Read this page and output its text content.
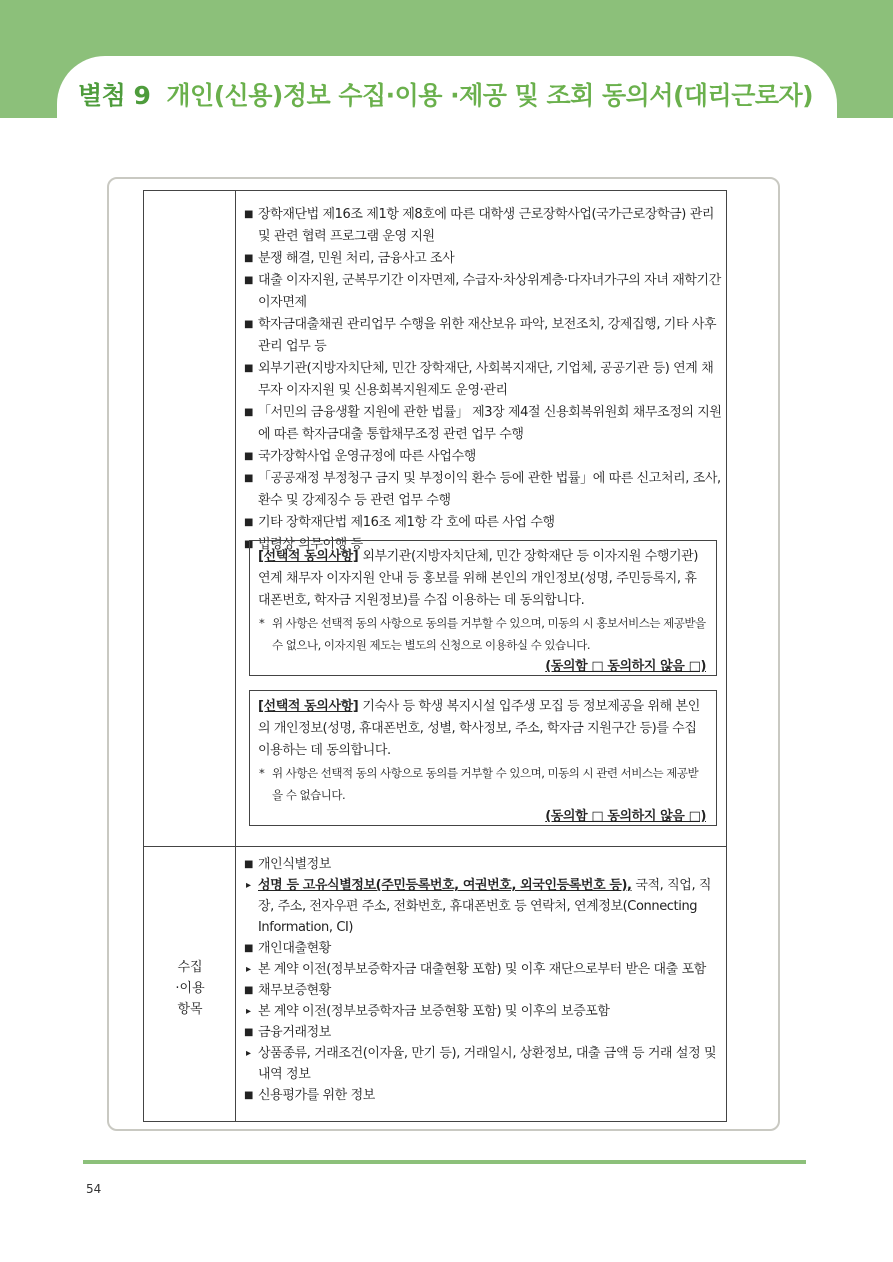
별첨 9 개인(신용)정보 수집·이용 ·제공 및 조회 동의서(대리근로자)
■ 장학재단법 제16조 제1항 제8호에 따른 대학생 근로장학사업(국가근로장학금) 관리 및 관련 협력 프로그램 운영 지원
■ 분쟁 해결, 민원 처리, 금융사고 조사
■ 대출 이자지원, 군복무기간 이자면제, 수급자·차상위계층·다자녀가구의 자녀 재학기간 이자면제
■ 학자금대출채권 관리업무 수행을 위한 재산보유 파악, 보전조치, 강제집행, 기타 사후관리 업무 등
■ 외부기관(지방자치단체, 민간 장학재단, 사회복지재단, 기업체, 공공기관 등) 연계 채무자 이자지원 및 신용회복지원제도 운영·관리
■ 「서민의 금융생활 지원에 관한 법률」 제3장 제4절 신용회복위원회 채무조정의 지원에 따른 학자금대출 통합채무조정 관련 업무 수행
■ 국가장학사업 운영규정에 따른 사업수행
■ 「공공재정 부정청구 금지 및 부정이익 환수 등에 관한 법률」에 따른 신고처리, 조사, 환수 및 강제징수 등 관련 업무 수행
■ 기타 장학재단법 제16조 제1항 각 호에 따른 사업 수행
■ 법령상 의무이행 등
[선택적 동의사항] 외부기관(지방자치단체, 민간 장학재단 등 이자지원 수행기관) 연계 채무자 이자지원 안내 등 홍보를 위해 본인의 개인정보(성명, 주민등록지, 휴대폰번호, 학자금 지원정보)를 수집 이용하는 데 동의합니다.
* 위 사항은 선택적 동의 사항으로 동의를 거부할 수 있으며, 미동의 시 홍보서비스는 제공받을 수 없으나, 이자지원 제도는 별도의 신청으로 이용하실 수 있습니다.
(동의함 □ 동의하지 않음 □)
[선택적 동의사항] 기숙사 등 학생 복지시설 입주생 모집 등 정보제공을 위해 본인의 개인정보(성명, 휴대폰번호, 성별, 학사정보, 주소, 학자금 지원구간 등)를 수집 이용하는 데 동의합니다.
* 위 사항은 선택적 동의 사항으로 동의를 거부할 수 있으며, 미동의 시 관련 서비스는 제공받을 수 없습니다.
(동의함 □ 동의하지 않음 □)
수집
·이용
항목
■ 개인식별정보
▸ 성명 등 고유식별정보(주민등록번호, 여권번호, 외국인등록번호 등), 국적, 직업, 직장, 주소, 전자우편 주소, 전화번호, 휴대폰번호 등 연락처, 연계정보(Connecting Information, CI)
■ 개인대출현황
▸ 본 계약 이전(정부보증학자금 대출현황 포함) 및 이후 재단으로부터 받은 대출 포함
■ 채무보증현황
▸ 본 계약 이전(정부보증학자금 보증현황 포함) 및 이후의 보증포함
■ 금융거래정보
▸ 상품종류, 거래조건(이자율, 만기 등), 거래일시, 상환정보, 대출 금액 등 거래 설정 및 내역 정보
■ 신용평가를 위한 정보
54
